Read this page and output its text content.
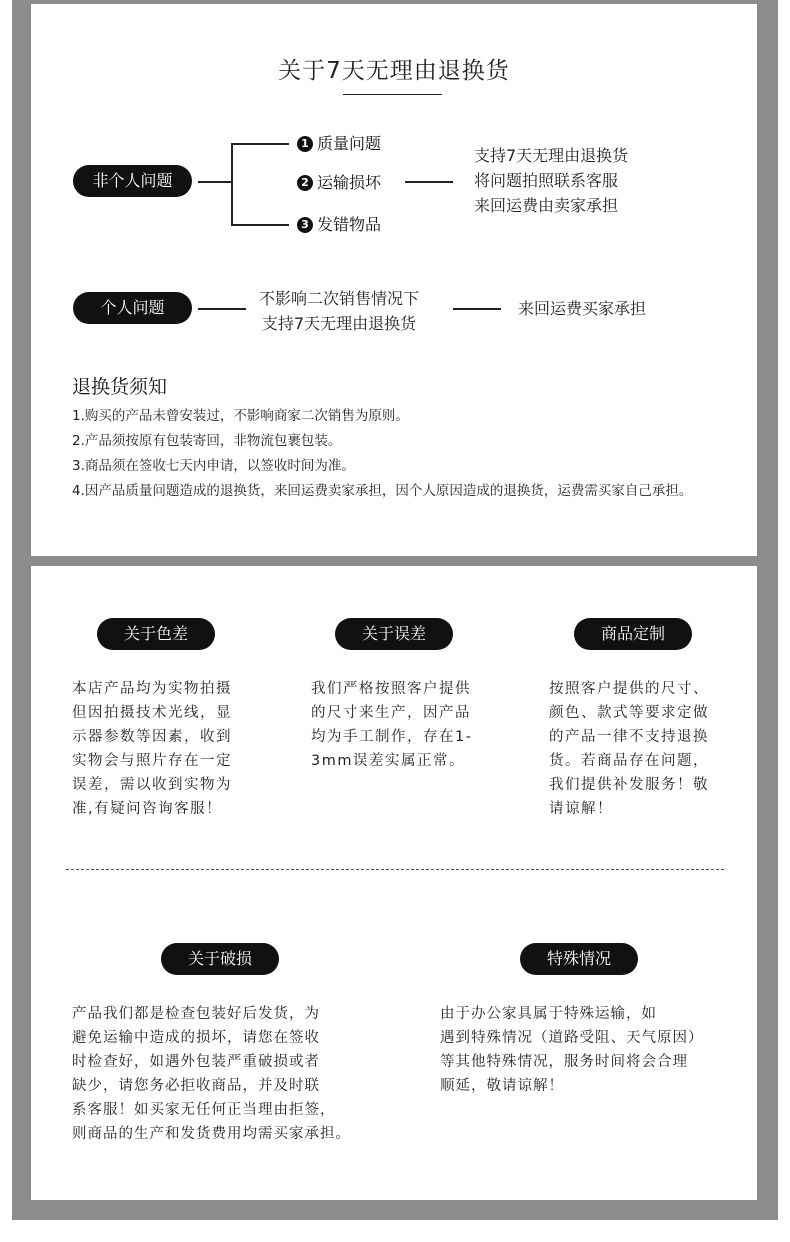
关于7天无理由退换货
非个人问题
1 质量问题
2 运输损坏
3 发错物品
支持7天无理由退换货
将问题拍照联系客服
来回运费由卖家承担
个人问题	不影响二次销售情况下
支持7天无理由退换货
来回运费买家承担
退换货须知
1.购买的产品未曾安装过，不影响商家二次销售为原则。
2.产品须按原有包装寄回，非物流包裹包装。
3.商品须在签收七天内申请，以签收时间为准。
4.因产品质量问题造成的退换货，来回运费卖家承担，因个人原因造成的退换货，运费需买家自己承担。
关于色差	关于误差	商品定制
本店产品均为实物拍摄
但因拍摄技术光线，显
示器参数等因素，收到
实物会与照片存在一定
误差，需以收到实物为
准,有疑问咨询客服！
我们严格按照客户提供
的尺寸来生产，因产品
均为手工制作，存在1-
3mm误差实属正常。
按照客户提供的尺寸、
颜色、款式等要求定做
的产品一律不支持退换
货。若商品存在问题，
我们提供补发服务！敬
请谅解！
关于破损	特殊情况
产品我们都是检查包装好后发货，为
避免运输中造成的损坏，请您在签收
时检查好，如遇外包装严重破损或者
缺少，请您务必拒收商品，并及时联
系客服！如买家无任何正当理由拒签，
则商品的生产和发货费用均需买家承担。
由于办公家具属于特殊运输，如
遇到特殊情况（道路受阻、天气原因）
等其他特殊情况，服务时间将会合理
顺延，敬请谅解！
